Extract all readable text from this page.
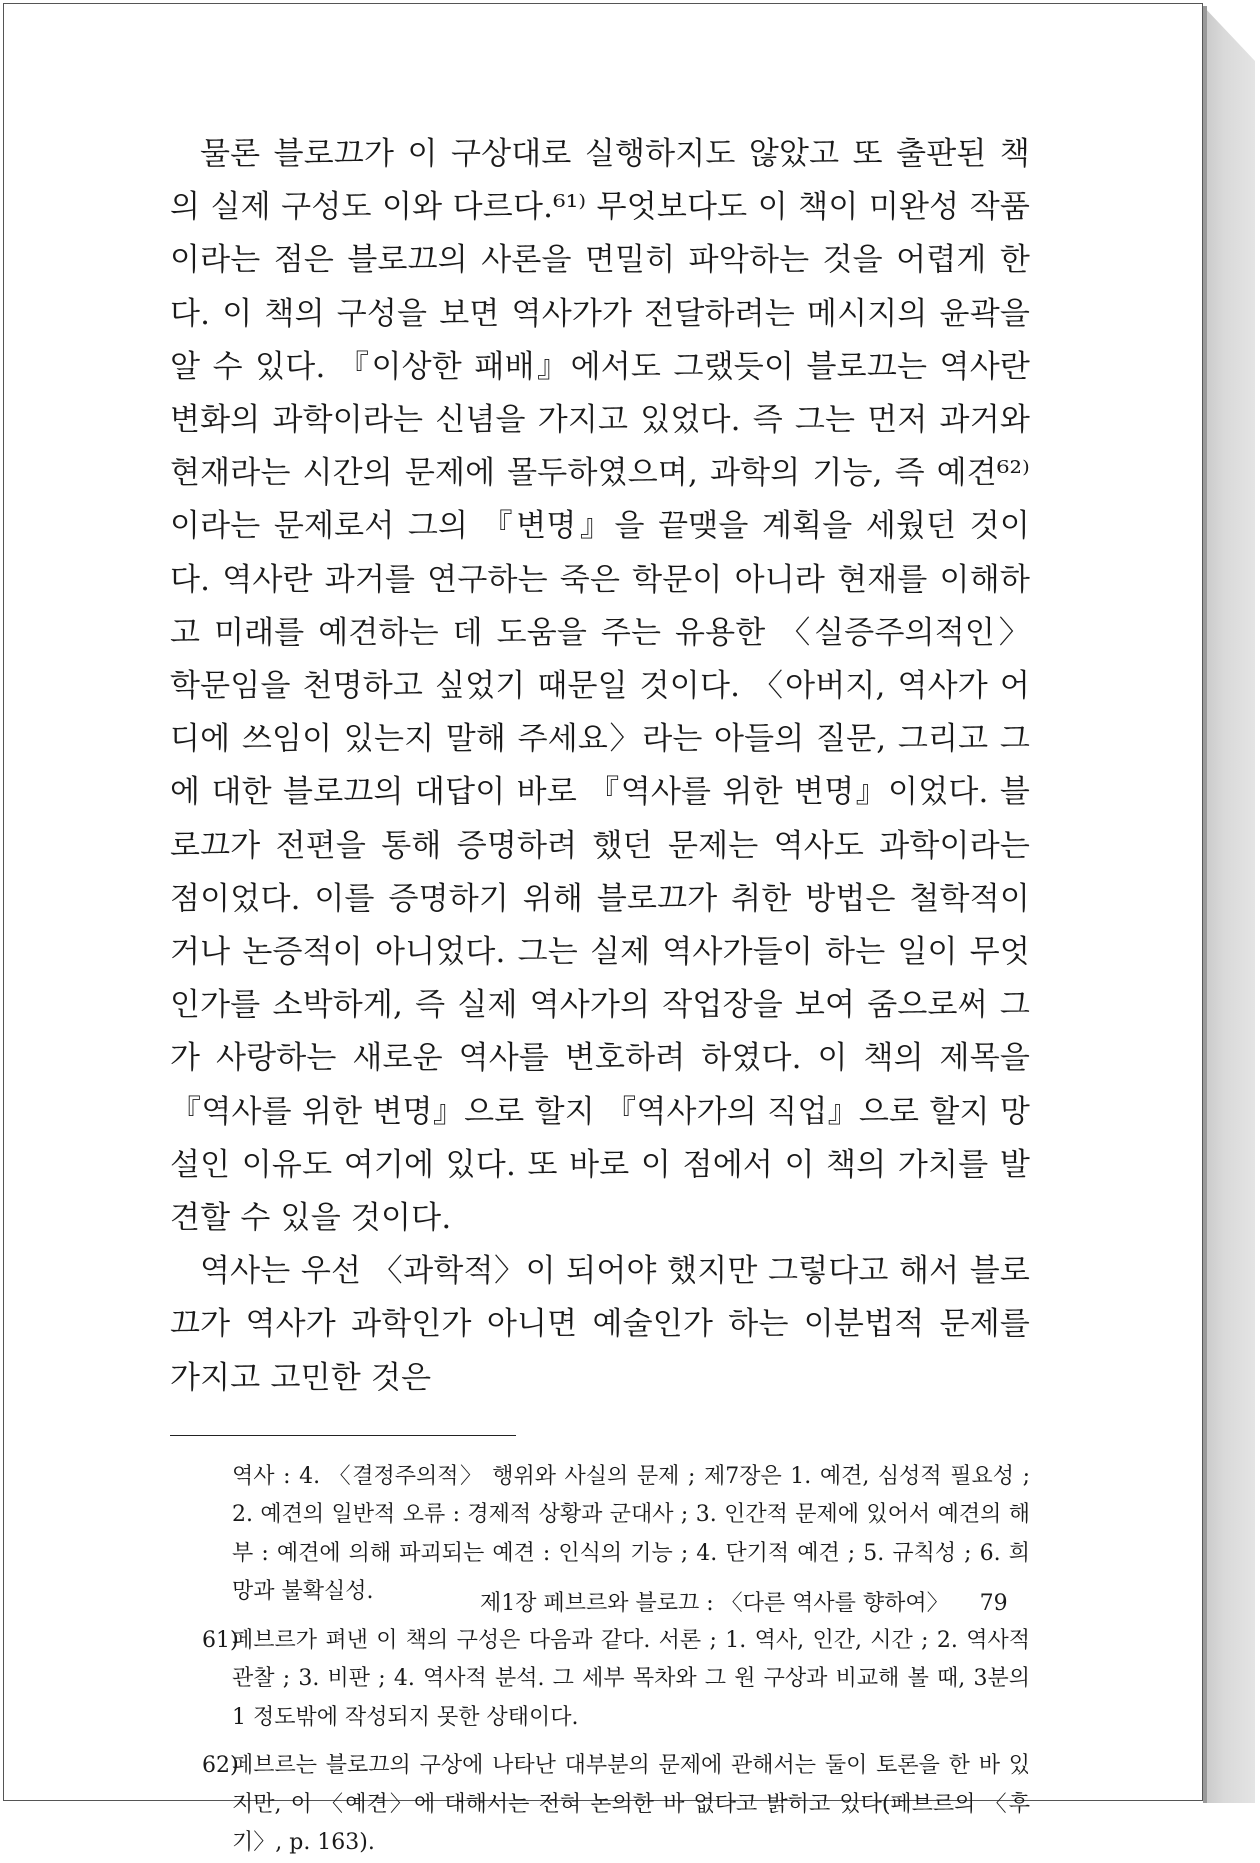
물론 블로끄가 이 구상대로 실행하지도 않았고 또 출판된 책의 실제 구성도 이와 다르다.⁶¹⁾ 무엇보다도 이 책이 미완성 작품이라는 점은 블로끄의 사론을 면밀히 파악하는 것을 어렵게 한다. 이 책의 구성을 보면 역사가가 전달하려는 메시지의 윤곽을 알 수 있다. 『이상한 패배』에서도 그랬듯이 블로끄는 역사란 변화의 과학이라는 신념을 가지고 있었다. 즉 그는 먼저 과거와 현재라는 시간의 문제에 몰두하였으며, 과학의 기능, 즉 예견⁶²⁾이라는 문제로서 그의 『변명』을 끝맺을 계획을 세웠던 것이다. 역사란 과거를 연구하는 죽은 학문이 아니라 현재를 이해하고 미래를 예견하는 데 도움을 주는 유용한 〈실증주의적인〉 학문임을 천명하고 싶었기 때문일 것이다. 〈아버지, 역사가 어디에 쓰임이 있는지 말해 주세요〉라는 아들의 질문, 그리고 그에 대한 블로끄의 대답이 바로 『역사를 위한 변명』이었다. 블로끄가 전편을 통해 증명하려 했던 문제는 역사도 과학이라는 점이었다. 이를 증명하기 위해 블로끄가 취한 방법은 철학적이거나 논증적이 아니었다. 그는 실제 역사가들이 하는 일이 무엇인가를 소박하게, 즉 실제 역사가의 작업장을 보여 줌으로써 그가 사랑하는 새로운 역사를 변호하려 하였다. 이 책의 제목을 『역사를 위한 변명』으로 할지 『역사가의 직업』으로 할지 망설인 이유도 여기에 있다. 또 바로 이 점에서 이 책의 가치를 발견할 수 있을 것이다.

역사는 우선 〈과학적〉이 되어야 했지만 그렇다고 해서 블로끄가 역사가 과학인가 아니면 예술인가 하는 이분법적 문제를 가지고 고민한 것은

역사 : 4. 〈결정주의적〉 행위와 사실의 문제 ; 제7장은 1. 예견, 심성적 필요성 ; 2. 예견의 일반적 오류 : 경제적 상황과 군대사 ; 3. 인간적 문제에 있어서 예견의 해부 : 예견에 의해 파괴되는 예견 : 인식의 기능 ; 4. 단기적 예견 ; 5. 규칙성 ; 6. 희망과 불확실성.

61)
페브르가 펴낸 이 책의 구성은 다음과 같다. 서론 ; 1. 역사, 인간, 시간 ; 2. 역사적 관찰 ; 3. 비판 ; 4. 역사적 분석. 그 세부 목차와 그 원 구상과 비교해 볼 때, 3분의 1 정도밖에 작성되지 못한 상태이다.

62)
페브르는 블로끄의 구상에 나타난 대부분의 문제에 관해서는 둘이 토론을 한 바 있지만, 이 〈예견〉에 대해서는 전혀 논의한 바 없다고 밝히고 있다(페브르의 〈후기〉, p. 163).

제1장 페브르와 블로끄 : 〈다른 역사를 향하여〉 79
